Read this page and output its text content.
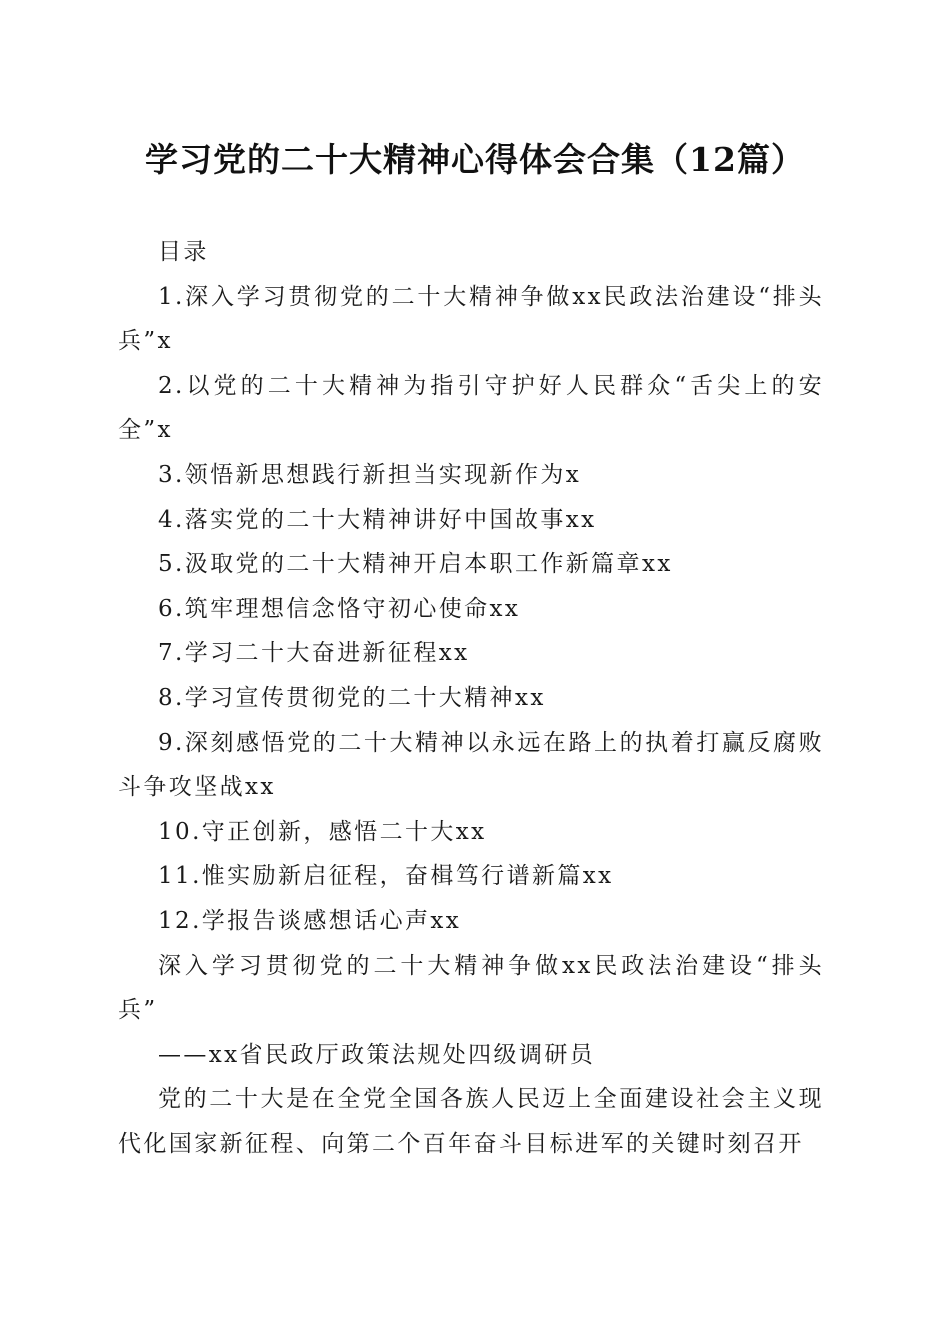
学习党的二十大精神心得体会合集（12篇）

目录

1.深入学习贯彻党的二十大精神争做xx民政法治建设“排头兵”x

2.以党的二十大精神为指引守护好人民群众“舌尖上的安全”x

3.领悟新思想践行新担当实现新作为x

4.落实党的二十大精神讲好中国故事xx

5.汲取党的二十大精神开启本职工作新篇章xx

6.筑牢理想信念恪守初心使命xx

7.学习二十大奋进新征程xx

8.学习宣传贯彻党的二十大精神xx

9.深刻感悟党的二十大精神以永远在路上的执着打赢反腐败斗争攻坚战xx

10.守正创新，感悟二十大xx

11.惟实励新启征程，奋楫笃行谱新篇xx

12.学报告谈感想话心声xx

深入学习贯彻党的二十大精神争做xx民政法治建设“排头兵”

——xx省民政厅政策法规处四级调研员

党的二十大是在全党全国各族人民迈上全面建设社会主义现代化国家新征程、向第二个百年奋斗目标进军的关键时刻召开
